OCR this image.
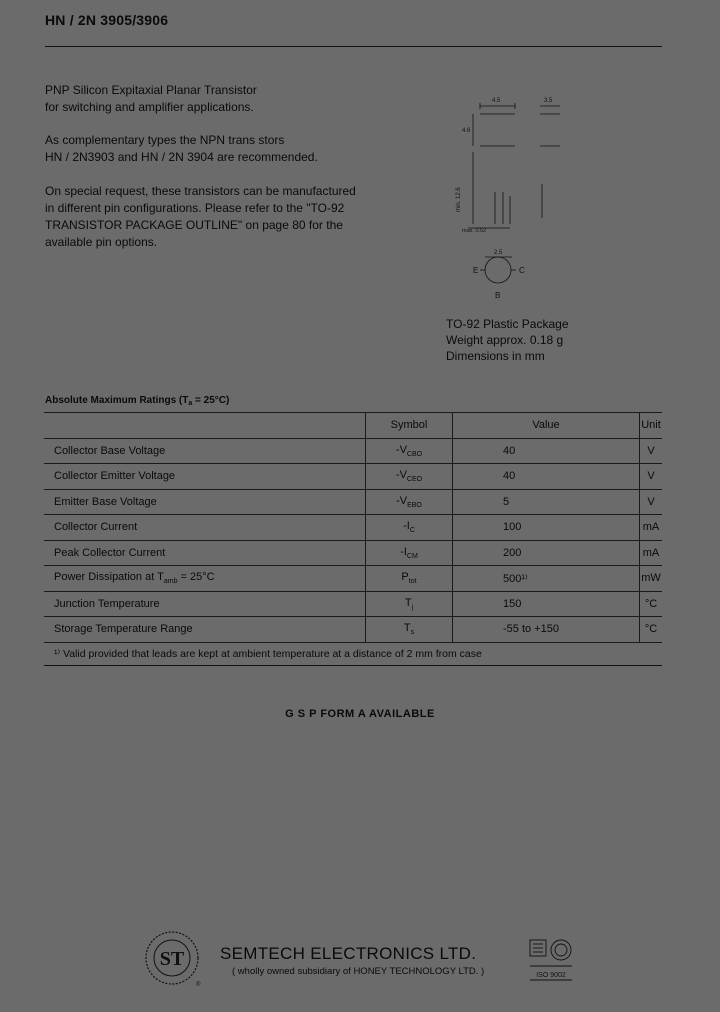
HN / 2N 3905/3906
PNP Silicon Expitaxial Planar Transistor
for switching and amplifier applications.
As complementary types the NPN trans stors
HN / 2N3903 and HN / 2N 3904 are recommended.
On special request, these transistors can be manufactured
in different pin configurations. Please refer to the "TO-92
TRANSISTOR PACKAGE OUTLINE" on page 80 for the
available pin options.
4.5	3.5
4.6
min. 12.6
max. 0.52
2.5
E	C
B
TO-92 Plastic Package
Weight approx. 0.18 g
Dimensions in mm
Absolute Maximum Ratings $(T_a = 25^\circ C)$
	Symbol	Value	Unit
Collector Base Voltage	$-V_{CBO}$	40	V
Collector Emitter Voltage	$-V_{CEO}$	40	V
Emitter Base Voltage	$-V_{EBO}$	5	V
Collector Current	$-I_C$	100	mA
Peak Collector Current	$-I_{CM}$	200	mA
Power Dissipation at $T_{amb} = 25^\circ C$	$P_{tot}$	500¹⁾	mW
Junction Temperature	$T_j$	150	°C
Storage Temperature Range	$T_s$	-55 to +150	°C
¹⁾ Valid provided that leads are kept at ambient temperature at a distance of 2 mm from case			
G S P FORM A AVAILABLE
ST
®
SEMTECH ELECTRONICS LTD.
( wholly owned subsidiary of HONEY TECHNOLOGY LTD. )	ISO 9002
